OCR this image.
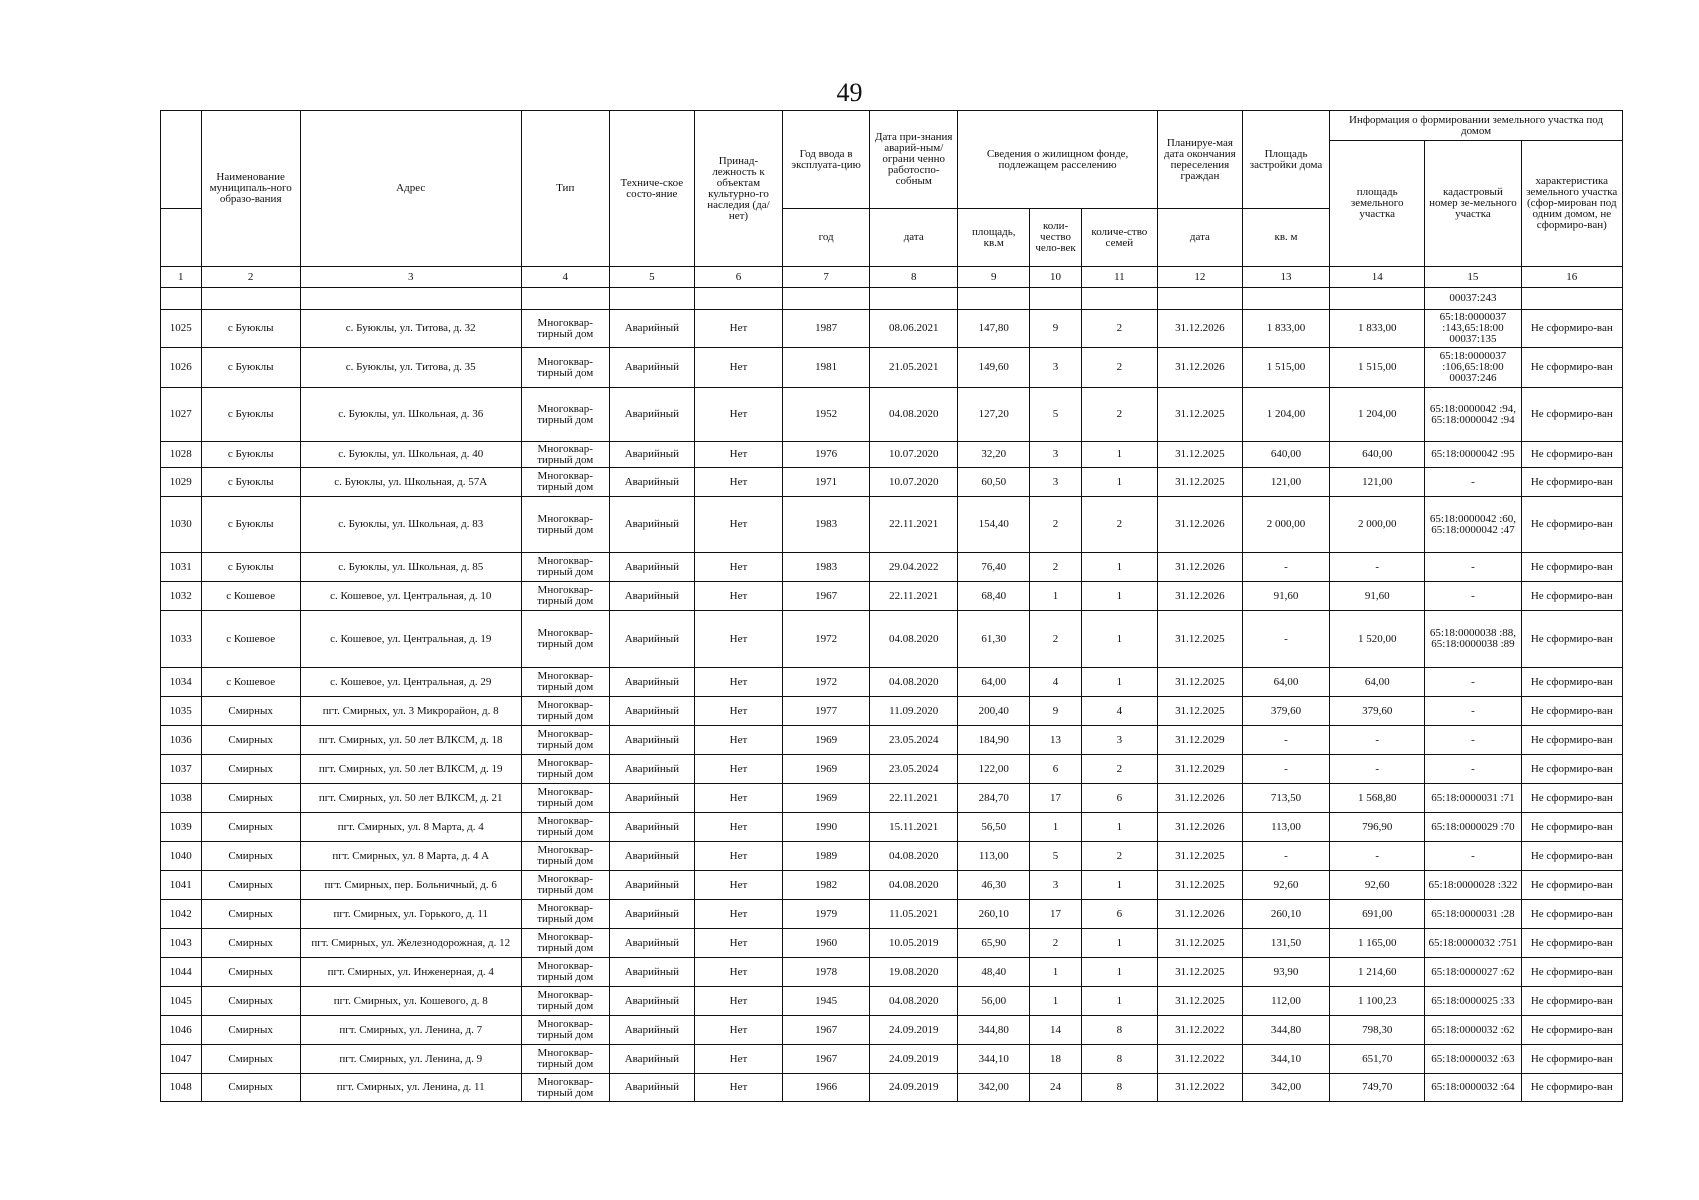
49
	Наименование муниципаль-ного образо-вания	Адрес	Тип	Техниче-ское состо-яние	Принад-лежность к объектам культурно-го наследия (да/нет)	Год ввода в эксплуата-цию	Дата при-знания аварий-ным/ограни ченно работоспо-собным	Сведения о жилищном фонде, подлежащем расселению			Планируе-мая дата окончания переселения граждан	Площадь застройки дома	Информация о формировании земельного участка под домом		
													площадь земельного участка	кадастровый номер зе-мельного участка	характеристика земельного участка (сфор-мирован под одним домом, не сформиро-ван)
						год	дата	площадь, кв.м	коли-чество чело-век	количе-ство семей	дата	кв. м			
1	2	3	4	5	6	7	8	9	10	11	12	13	14	15	16
														00037:243	
1025	с Буюклы	с. Буюклы, ул. Титова, д. 32	Многоквар-тирный дом	Аварийный	Нет	1987	08.06.2021	147,80	9	2	31.12.2026	1 833,00	1 833,00	65:18:0000037 :143,65:18:00 00037:135	Не сформиро-ван
1026	с Буюклы	с. Буюклы, ул. Титова, д. 35	Многоквар-тирный дом	Аварийный	Нет	1981	21.05.2021	149,60	3	2	31.12.2026	1 515,00	1 515,00	65:18:0000037 :106,65:18:00 00037:246	Не сформиро-ван
1027	с Буюклы	с. Буюклы, ул. Школьная, д. 36	Многоквар-тирный дом	Аварийный	Нет	1952	04.08.2020	127,20	5	2	31.12.2025	1 204,00	1 204,00	65:18:0000042 :94, 65:18:0000042 :94	Не сформиро-ван
1028	с Буюклы	с. Буюклы, ул. Школьная, д. 40	Многоквар-тирный дом	Аварийный	Нет	1976	10.07.2020	32,20	3	1	31.12.2025	640,00	640,00	65:18:0000042 :95	Не сформиро-ван
1029	с Буюклы	с. Буюклы, ул. Школьная, д. 57А	Многоквар-тирный дом	Аварийный	Нет	1971	10.07.2020	60,50	3	1	31.12.2025	121,00	121,00	-	Не сформиро-ван
1030	с Буюклы	с. Буюклы, ул. Школьная, д. 83	Многоквар-тирный дом	Аварийный	Нет	1983	22.11.2021	154,40	2	2	31.12.2026	2 000,00	2 000,00	65:18:0000042 :60, 65:18:0000042 :47	Не сформиро-ван
1031	с Буюклы	с. Буюклы, ул. Школьная, д. 85	Многоквар-тирный дом	Аварийный	Нет	1983	29.04.2022	76,40	2	1	31.12.2026	-	-	-	Не сформиро-ван
1032	с Кошевое	с. Кошевое, ул. Центральная, д. 10	Многоквар-тирный дом	Аварийный	Нет	1967	22.11.2021	68,40	1	1	31.12.2026	91,60	91,60	-	Не сформиро-ван
1033	с Кошевое	с. Кошевое, ул. Центральная, д. 19	Многоквар-тирный дом	Аварийный	Нет	1972	04.08.2020	61,30	2	1	31.12.2025	-	1 520,00	65:18:0000038 :88, 65:18:0000038 :89	Не сформиро-ван
1034	с Кошевое	с. Кошевое, ул. Центральная, д. 29	Многоквар-тирный дом	Аварийный	Нет	1972	04.08.2020	64,00	4	1	31.12.2025	64,00	64,00	-	Не сформиро-ван
1035	Смирных	пгт. Смирных, ул. 3 Микрорайон, д. 8	Многоквар-тирный дом	Аварийный	Нет	1977	11.09.2020	200,40	9	4	31.12.2025	379,60	379,60	-	Не сформиро-ван
1036	Смирных	пгт. Смирных, ул. 50 лет ВЛКСМ, д. 18	Многоквар-тирный дом	Аварийный	Нет	1969	23.05.2024	184,90	13	3	31.12.2029	-	-	-	Не сформиро-ван
1037	Смирных	пгт. Смирных, ул. 50 лет ВЛКСМ, д. 19	Многоквар-тирный дом	Аварийный	Нет	1969	23.05.2024	122,00	6	2	31.12.2029	-	-	-	Не сформиро-ван
1038	Смирных	пгт. Смирных, ул. 50 лет ВЛКСМ, д. 21	Многоквар-тирный дом	Аварийный	Нет	1969	22.11.2021	284,70	17	6	31.12.2026	713,50	1 568,80	65:18:0000031 :71	Не сформиро-ван
1039	Смирных	пгт. Смирных, ул. 8 Марта, д. 4	Многоквар-тирный дом	Аварийный	Нет	1990	15.11.2021	56,50	1	1	31.12.2026	113,00	796,90	65:18:0000029 :70	Не сформиро-ван
1040	Смирных	пгт. Смирных, ул. 8 Марта, д. 4 А	Многоквар-тирный дом	Аварийный	Нет	1989	04.08.2020	113,00	5	2	31.12.2025	-	-	-	Не сформиро-ван
1041	Смирных	пгт. Смирных, пер. Больничный, д. 6	Многоквар-тирный дом	Аварийный	Нет	1982	04.08.2020	46,30	3	1	31.12.2025	92,60	92,60	65:18:0000028 :322	Не сформиро-ван
1042	Смирных	пгт. Смирных, ул. Горького, д. 11	Многоквар-тирный дом	Аварийный	Нет	1979	11.05.2021	260,10	17	6	31.12.2026	260,10	691,00	65:18:0000031 :28	Не сформиро-ван
1043	Смирных	пгт. Смирных, ул. Железнодорожная, д. 12	Многоквар-тирный дом	Аварийный	Нет	1960	10.05.2019	65,90	2	1	31.12.2025	131,50	1 165,00	65:18:0000032 :751	Не сформиро-ван
1044	Смирных	пгт. Смирных, ул. Инженерная, д. 4	Многоквар-тирный дом	Аварийный	Нет	1978	19.08.2020	48,40	1	1	31.12.2025	93,90	1 214,60	65:18:0000027 :62	Не сформиро-ван
1045	Смирных	пгт. Смирных, ул. Кошевого, д. 8	Многоквар-тирный дом	Аварийный	Нет	1945	04.08.2020	56,00	1	1	31.12.2025	112,00	1 100,23	65:18:0000025 :33	Не сформиро-ван
1046	Смирных	пгт. Смирных, ул. Ленина, д. 7	Многоквар-тирный дом	Аварийный	Нет	1967	24.09.2019	344,80	14	8	31.12.2022	344,80	798,30	65:18:0000032 :62	Не сформиро-ван
1047	Смирных	пгт. Смирных, ул. Ленина, д. 9	Многоквар-тирный дом	Аварийный	Нет	1967	24.09.2019	344,10	18	8	31.12.2022	344,10	651,70	65:18:0000032 :63	Не сформиро-ван
1048	Смирных	пгт. Смирных, ул. Ленина, д. 11	Многоквар-тирный дом	Аварийный	Нет	1966	24.09.2019	342,00	24	8	31.12.2022	342,00	749,70	65:18:0000032 :64	Не сформиро-ван
